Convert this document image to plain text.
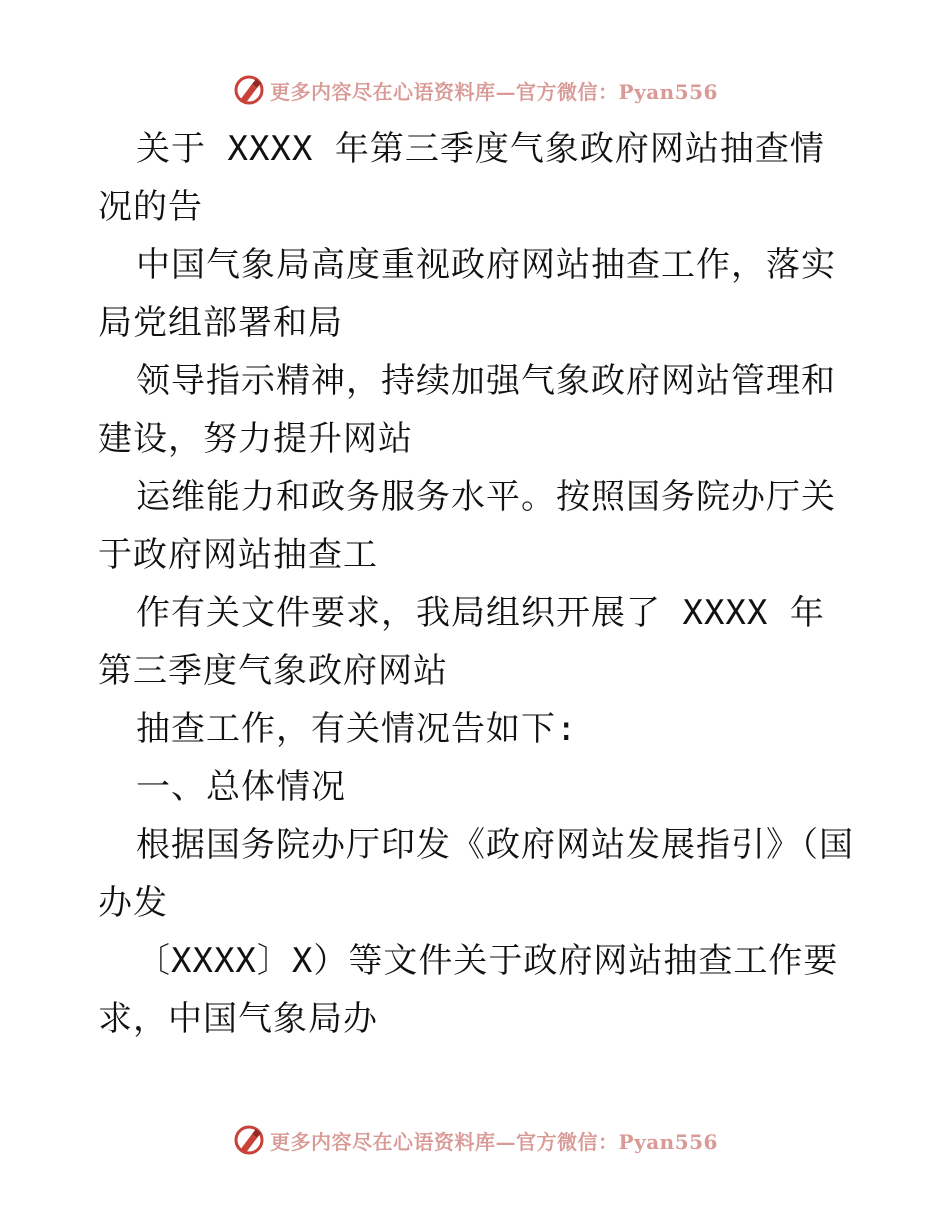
更多内容尽在心语资料库—官方微信：Pyan556

关于 XXXX 年第三季度气象政府网站抽查情况的告

中国气象局高度重视政府网站抽查工作，落实局党组部署和局

领导指示精神，持续加强气象政府网站管理和建设，努力提升网站

运维能力和政务服务水平。按照国务院办厅关于政府网站抽查工

作有关文件要求，我局组织开展了 XXXX 年第三季度气象政府网站

抽查工作，有关情况告如下:

一、总体情况

根据国务院办厅印发《政府网站发展指引》（国办发

〔XXXX〕X）等文件关于政府网站抽查工作要求，中国气象局办

更多内容尽在心语资料库—官方微信：Pyan556
